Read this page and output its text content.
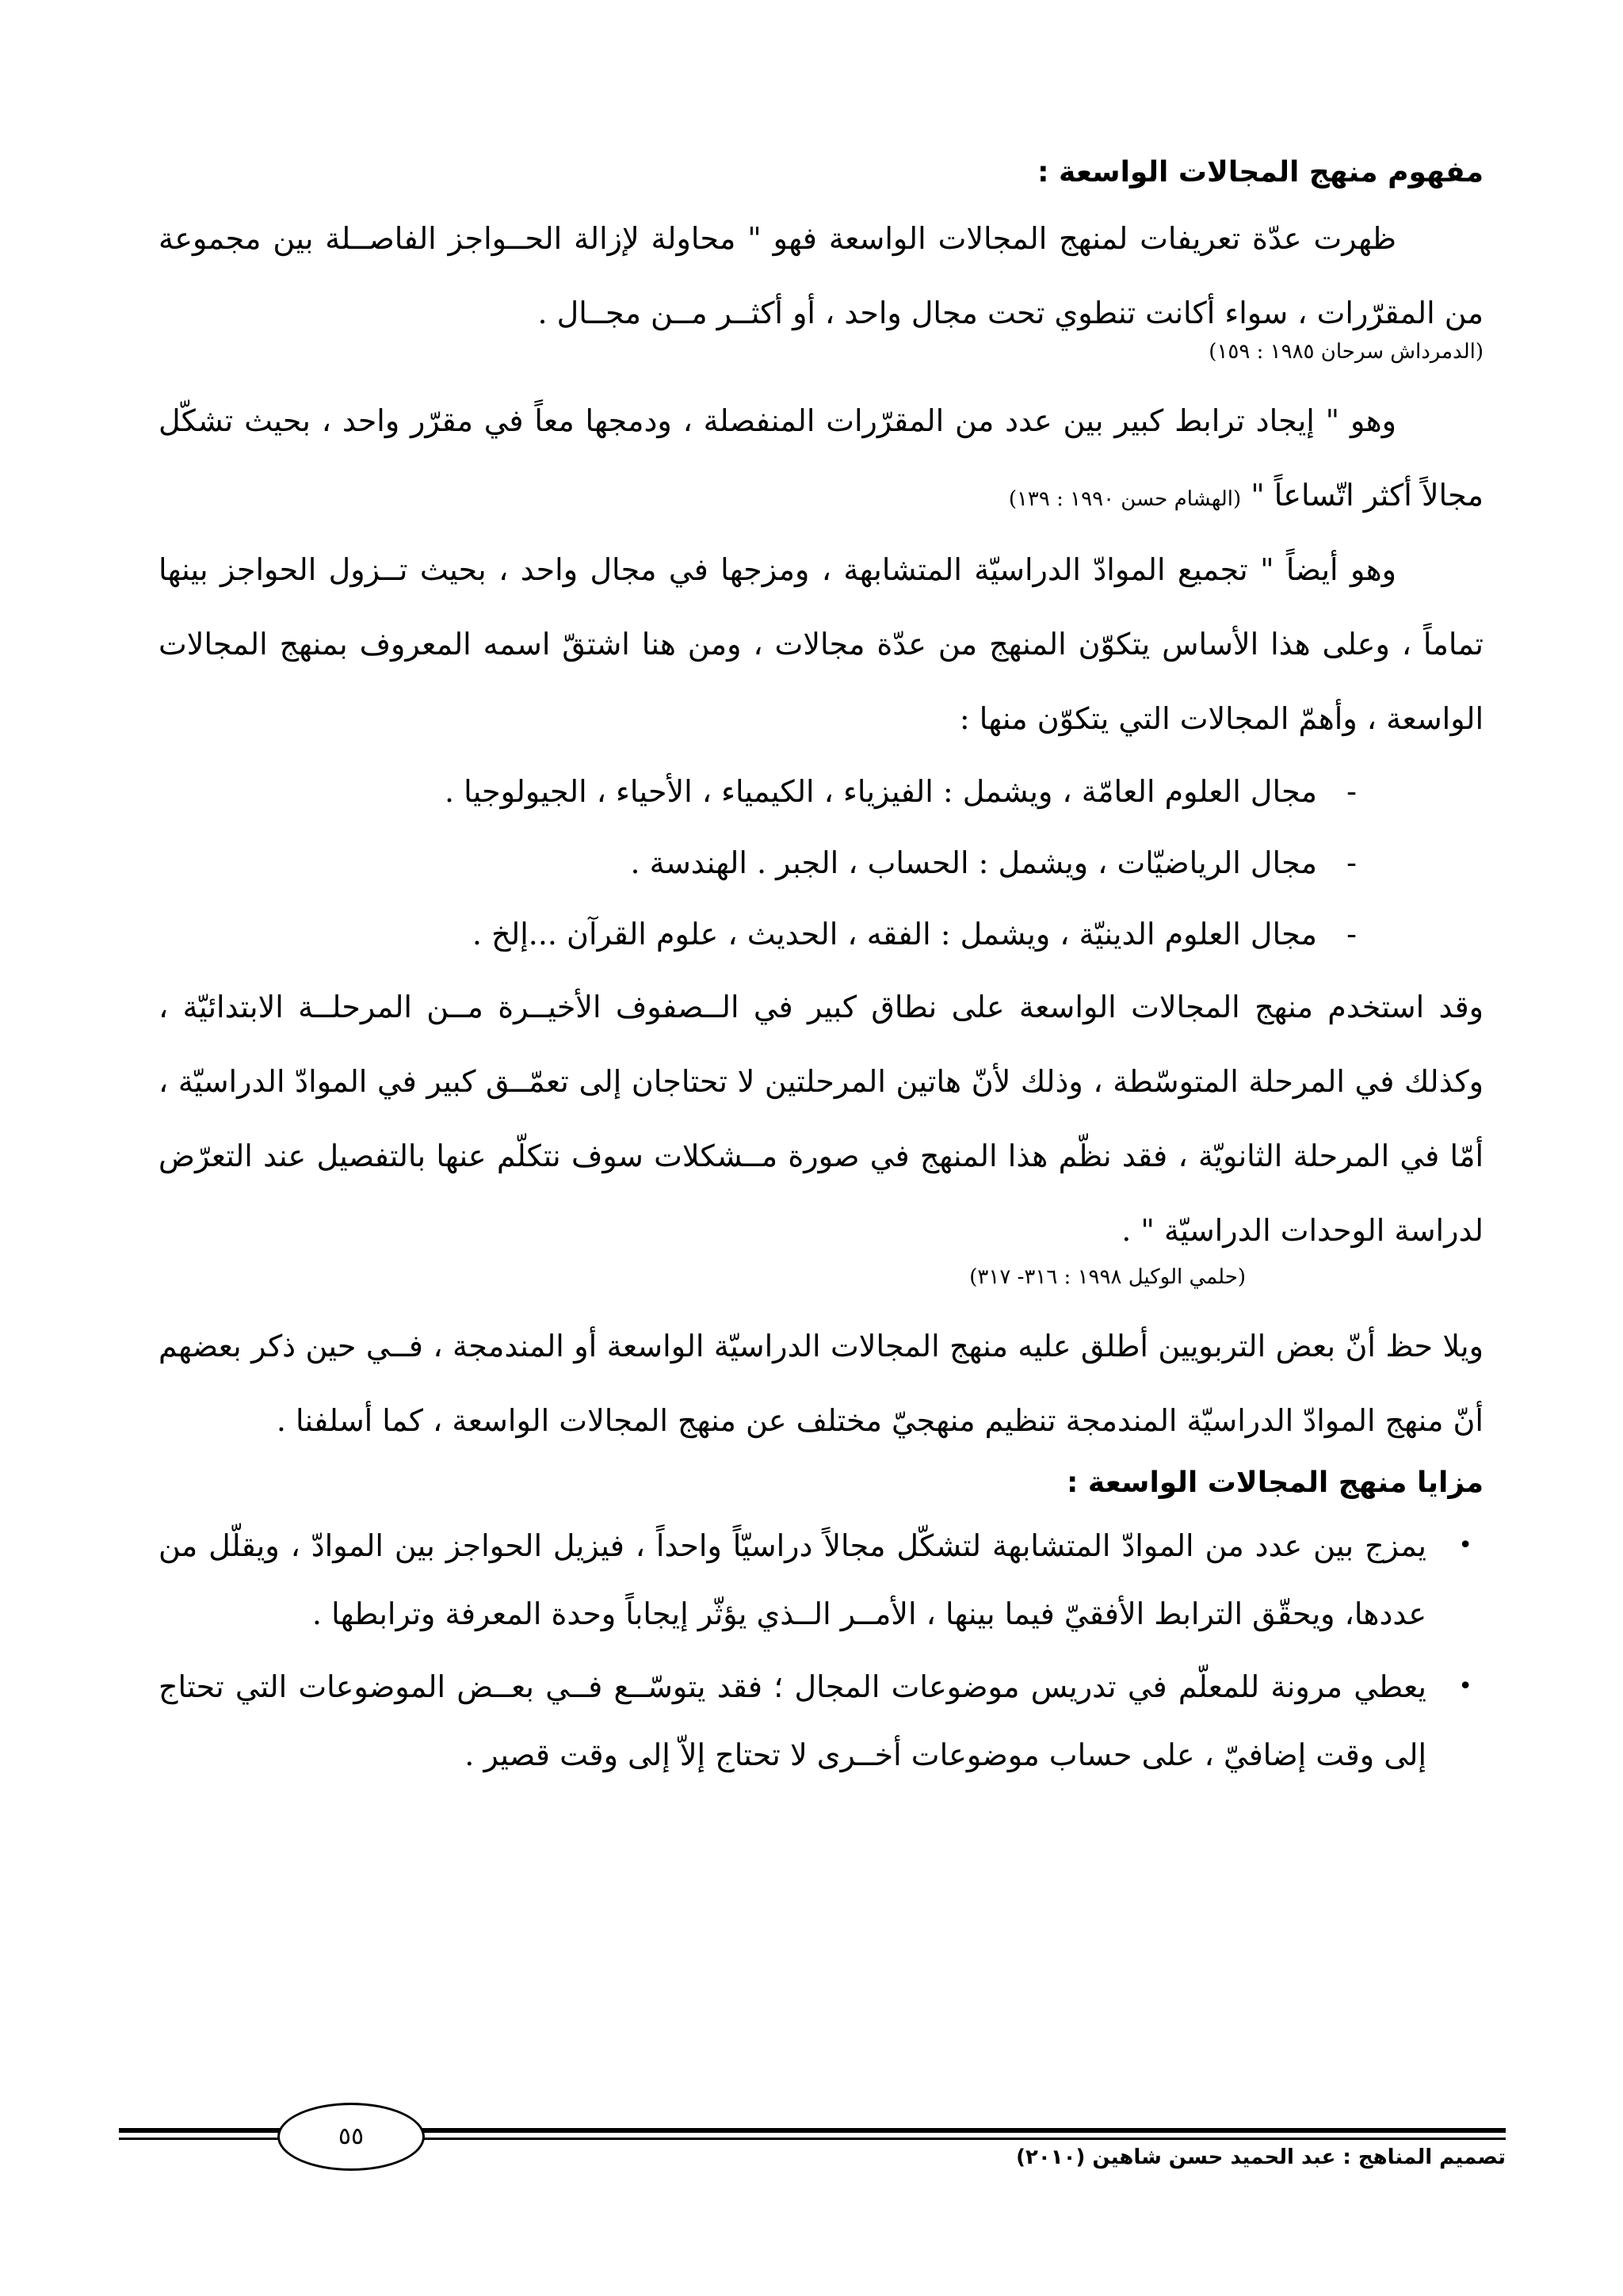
مفهوم منهج المجالات الواسعة :

ظهرت عدّة تعريفات لمنهج المجالات الواسعة فهو " محاولة لإزالة الحــواجز الفاصــلة بين مجموعة من المقرّرات ، سواء أكانت تنطوي تحت مجال واحد ، أو أكثــر مــن مجــال .

(الدمرداش سرحان ١٩٨٥ : ١٥٩)

وهو " إيجاد ترابط كبير بين عدد من المقرّرات المنفصلة ، ودمجها معاً في مقرّر واحد ، بحيث تشكّل مجالاً أكثر اتّساعاً " (الهشام حسن ١٩٩٠ : ١٣٩)

وهو أيضاً " تجميع الموادّ الدراسيّة المتشابهة ، ومزجها في مجال واحد ، بحيث تــزول الحواجز بينها تماماً ، وعلى هذا الأساس يتكوّن المنهج من عدّة مجالات ، ومن هنا اشتقّ اسمه المعروف بمنهج المجالات الواسعة ، وأهمّ المجالات التي يتكوّن منها :

-مجال العلوم العامّة ، ويشمل : الفيزياء ، الكيمياء ، الأحياء ، الجيولوجيا .
-مجال الرياضيّات ، ويشمل : الحساب ، الجبر . الهندسة .
-مجال العلوم الدينيّة ، ويشمل : الفقه ، الحديث ، علوم القرآن ...إلخ .

وقد استخدم منهج المجالات الواسعة على نطاق كبير في الــصفوف الأخيــرة مــن المرحلــة الابتدائيّة ، وكذلك في المرحلة المتوسّطة ، وذلك لأنّ هاتين المرحلتين لا تحتاجان إلى تعمّــق كبير في الموادّ الدراسيّة ، أمّا في المرحلة الثانويّة ، فقد نظّم هذا المنهج في صورة مــشكلات سوف نتكلّم عنها بالتفصيل عند التعرّض لدراسة الوحدات الدراسيّة " .

(حلمي الوكيل ١٩٩٨ : ٣١٦- ٣١٧)

ويلا حظ أنّ بعض التربويين أطلق عليه منهج المجالات الدراسيّة الواسعة أو المندمجة ، فــي حين ذكر بعضهم أنّ منهج الموادّ الدراسيّة المندمجة تنظيم منهجيّ مختلف عن منهج المجالات الواسعة ، كما أسلفنا .

مزايا منهج المجالات الواسعة :
•
يمزج بين عدد من الموادّ المتشابهة لتشكّل مجالاً دراسيّاً واحداً ، فيزيل الحواجز بين الموادّ ، ويقلّل من عددها، ويحقّق الترابط الأفقيّ فيما بينها ، الأمــر الــذي يؤثّر إيجاباً وحدة المعرفة وترابطها .
•
يعطي مرونة للمعلّم في تدريس موضوعات المجال ؛ فقد يتوسّــع فــي بعــض الموضوعات التي تحتاج إلى وقت إضافيّ ، على حساب موضوعات أخــرى لا تحتاج إلاّ إلى وقت قصير .
٥٥
تصميم المناهج : عبد الحميد حسن شاهين (٢٠١٠)
